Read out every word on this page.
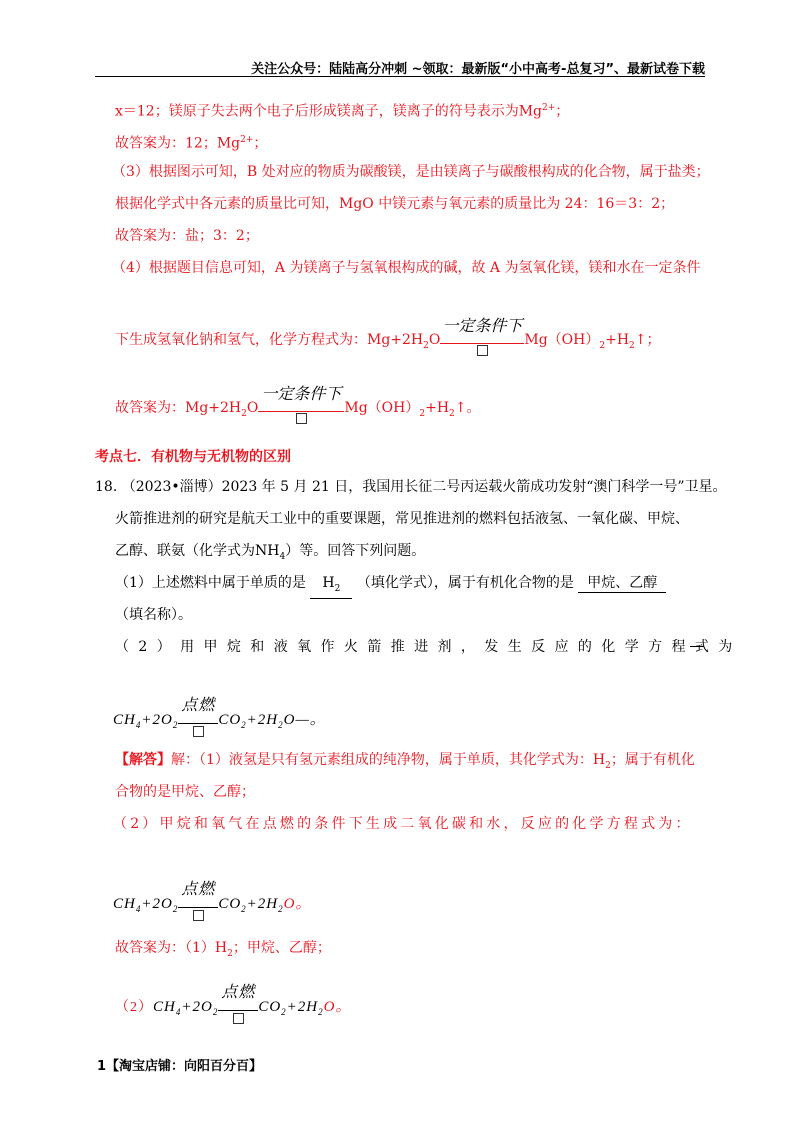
关注公众号：陆陆高分冲刺 ~领取：最新版“小中高考-总复习”、最新试卷下载
x＝12；镁原子失去两个电子后形成镁离子，镁离子的符号表示为$Mg^{2+}$；
故答案为：12；$Mg^{2+}$；
（3）根据图示可知，B 处对应的物质为碳酸镁，是由镁离子与碳酸根构成的化合物，属于盐类；
根据化学式中各元素的质量比可知，MgO 中镁元素与氧元素的质量比为 24：16＝3：2；
故答案为：盐；3：2；
（4）根据题目信息可知，A 为镁离子与氢氧根构成的碱，故 A 为氢氧化镁，镁和水在一定条件
下生成氢氧化钠和氢气，化学方程式为：$Mg+2H_2O$
一定条件下
$Mg(OH)_2+H_2↑$；
故答案为：$Mg+2H_2O$
一定条件下
$Mg(OH)_2+H_2↑$。
考点七．有机物与无机物的区别
18. （2023•淄博）2023 年 5 月 21 日，我国用长征二号丙运载火箭成功发射“澳门科学一号”卫星。
火箭推进剂的研究是航天工业中的重要课题，常见推进剂的燃料包括液氢、一氧化碳、甲烷、
乙醇、联氨（化学式为$NH_4$）等。回答下列问题。
（1）上述燃料中属于单质的是 $H_2$ （填化学式），属于有机化合物的是 甲烷、乙醇
（填名称）。
（2）用甲烷和液氧作火箭推进剂，发生反应的化学方程式为
$CH_4+2O_2$
点燃
$CO_2+2H_2O—$。
【解答】解：（1）液氢是只有氢元素组成的纯净物，属于单质，其化学式为：$H_2$；属于有机化
合物的是甲烷、乙醇；
（2）甲烷和氧气在点燃的条件下生成二氧化碳和水，反应的化学方程式为：
$CH_4+2O_2$
点燃
$CO_2+2H_2O$。
故答案为：$(1)H_2$；甲烷、乙醇；
$(2)CH_4+2O_2$
点燃
$CO_2+2H_2O$。
1【淘宝店铺：向阳百分百】
